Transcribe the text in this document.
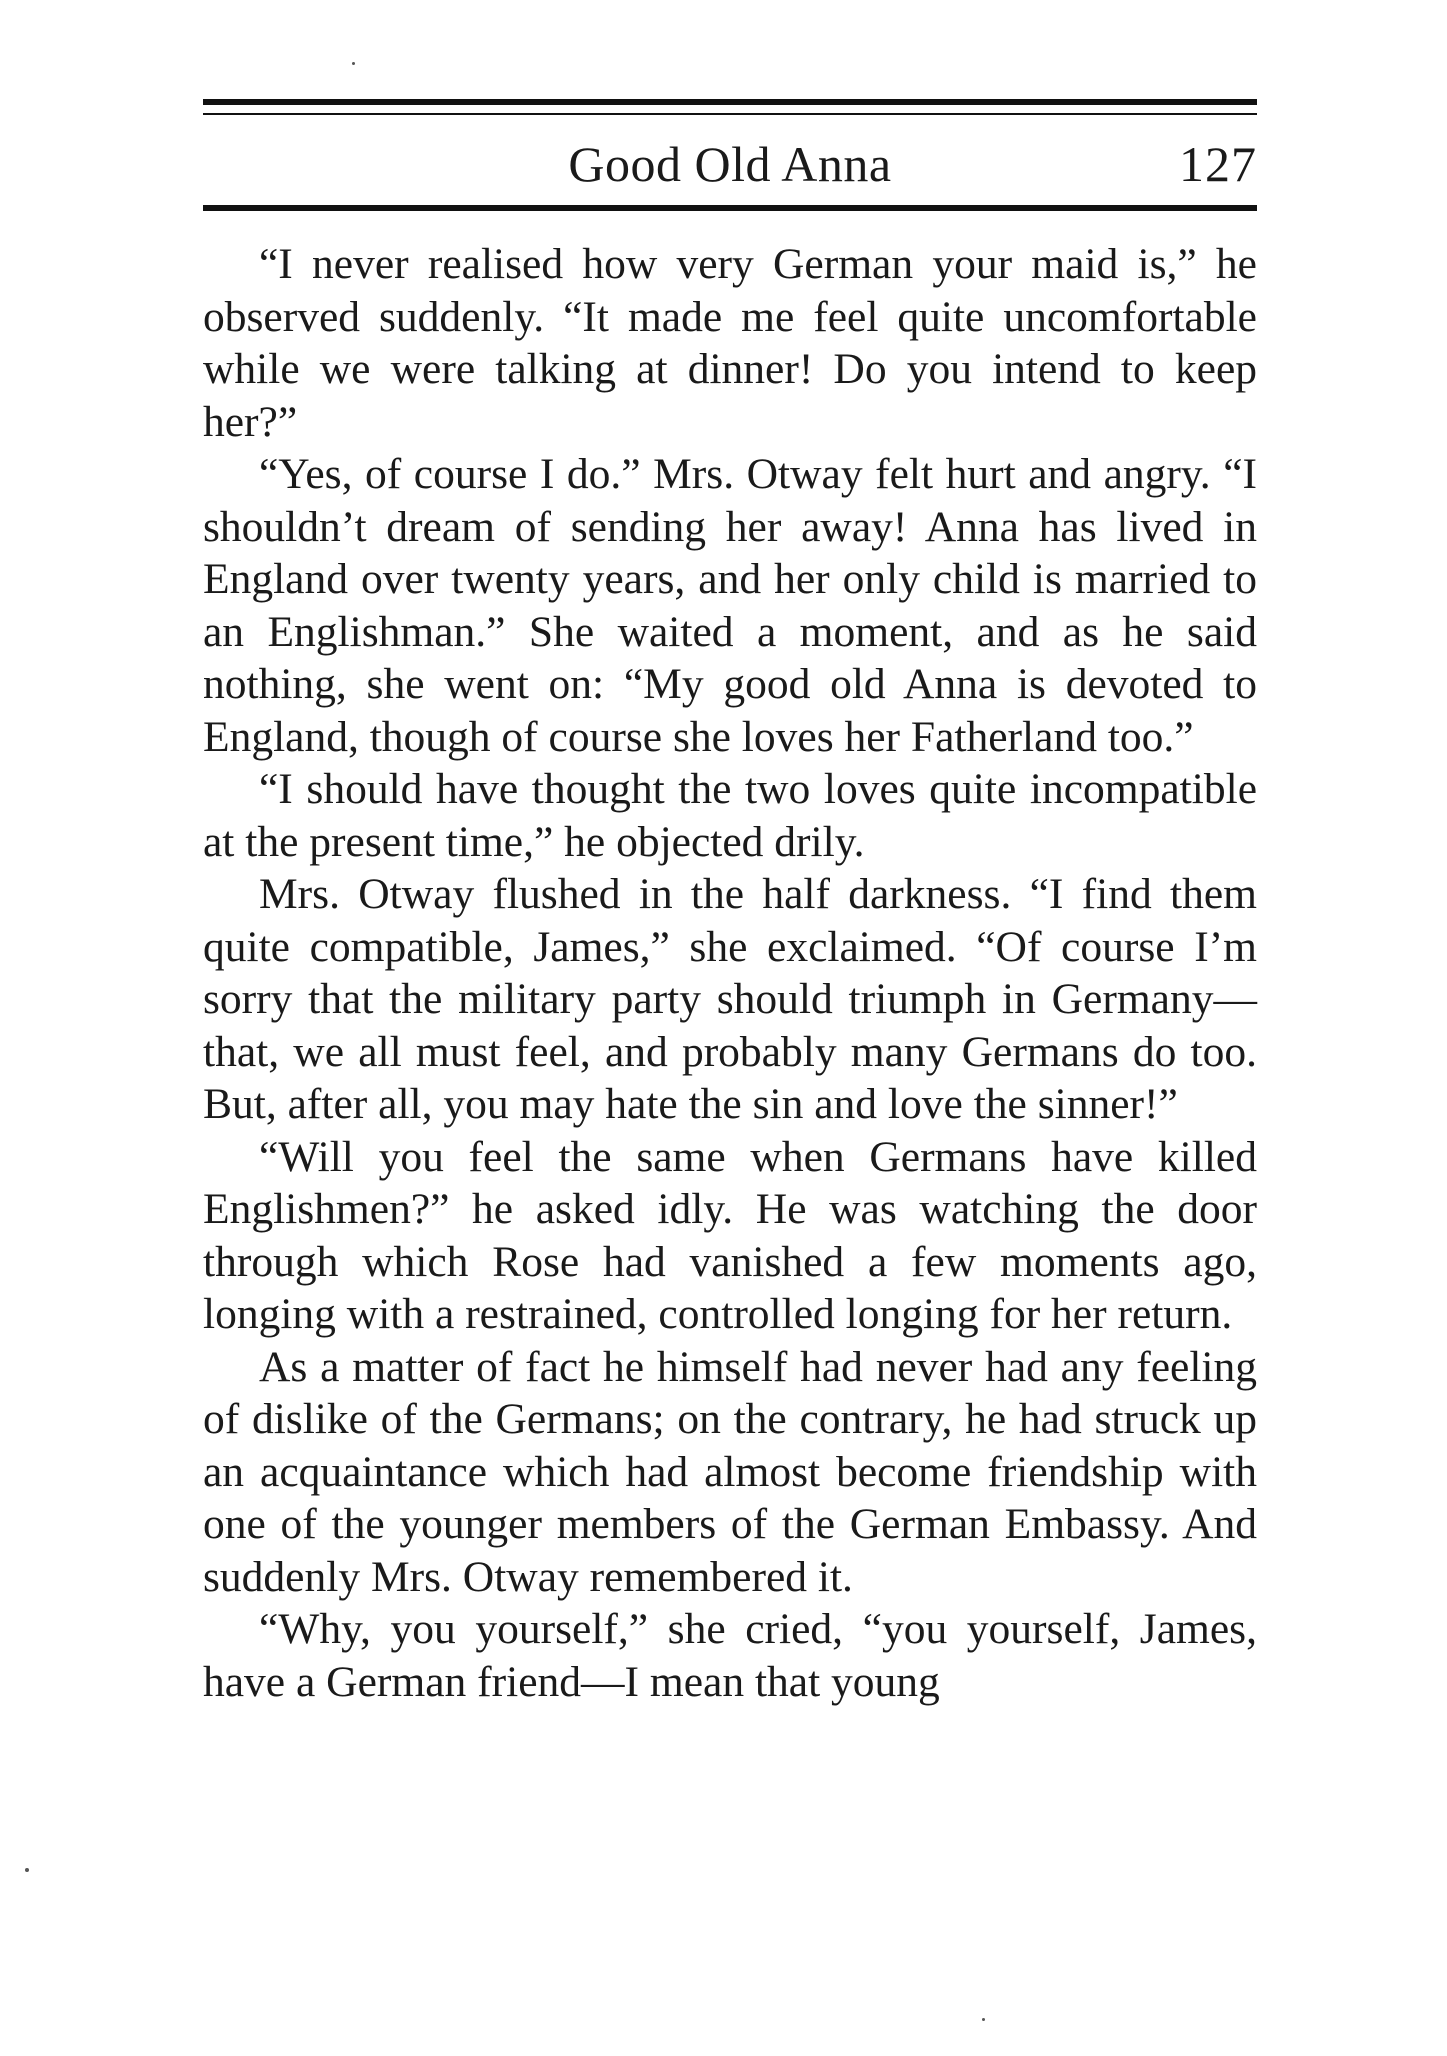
Good Old Anna	127

“I never realised how very German your maid is,” he observed suddenly. “It made me feel quite uncomfortable while we were talking at dinner! Do you intend to keep her?”

“Yes, of course I do.” Mrs. Otway felt hurt and angry. “I shouldn’t dream of sending her away! Anna has lived in England over twenty years, and her only child is married to an Englishman.” She waited a moment, and as he said nothing, she went on: “My good old Anna is devoted to England, though of course she loves her Fatherland too.”

“I should have thought the two loves quite incompatible at the present time,” he objected drily.

Mrs. Otway flushed in the half darkness. “I find them quite compatible, James,” she exclaimed. “Of course I’m sorry that the military party should triumph in Germany—that, we all must feel, and probably many Germans do too. But, after all, you may hate the sin and love the sinner!”

“Will you feel the same when Germans have killed Englishmen?” he asked idly. He was watching the door through which Rose had vanished a few moments ago, longing with a restrained, controlled longing for her return.

As a matter of fact he himself had never had any feeling of dislike of the Germans; on the contrary, he had struck up an acquaintance which had almost become friendship with one of the younger members of the German Embassy. And suddenly Mrs. Otway remembered it.

“Why, you yourself,” she cried, “you yourself, James, have a German friend—I mean that young
